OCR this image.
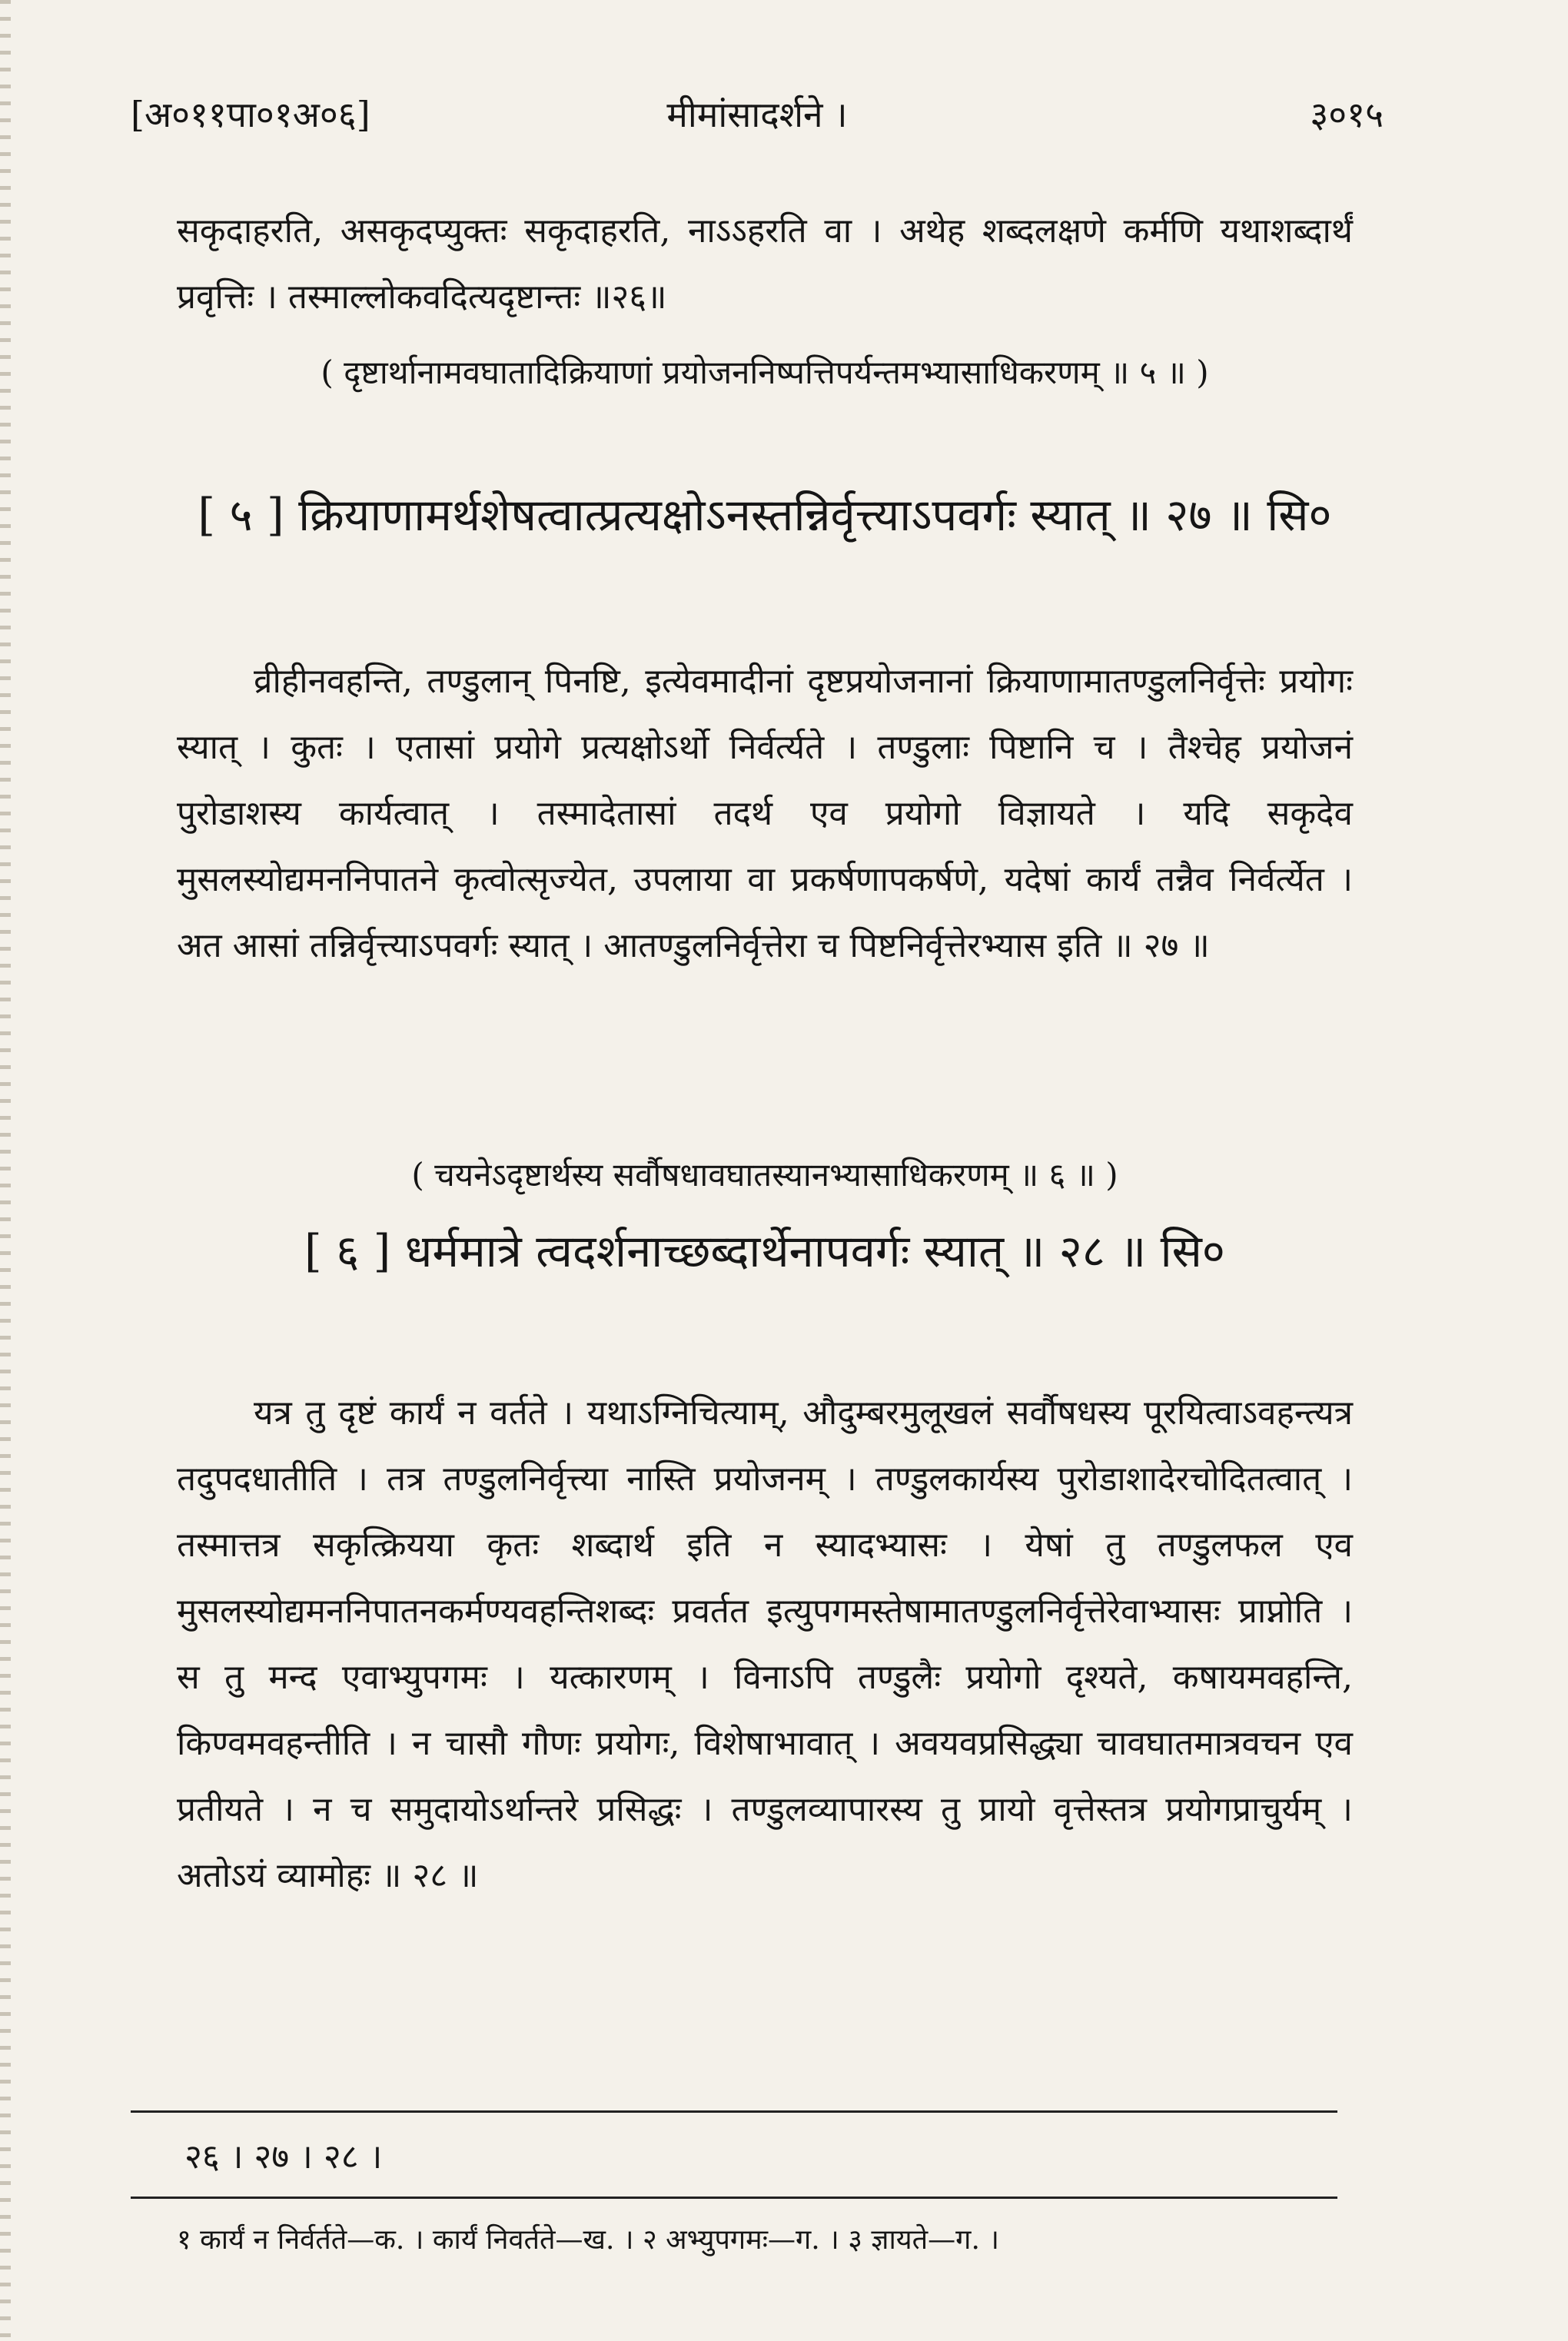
[अ०११पा०१अ०६]	मीमांसादर्शने ।	३०१५

सकृदाहरति, असकृदप्युक्तः सकृदाहरति, नाऽऽहरति वा । अथेह शब्दलक्षणे कर्मणि यथाशब्दार्थं प्रवृत्तिः । तस्माल्लोकवदित्यदृष्टान्तः ॥२६॥

( दृष्टार्थानामवघातादिक्रियाणां प्रयोजननिष्पत्तिपर्यन्तमभ्यासाधिकरणम् ॥ ५ ॥ )
[ ५ ] क्रियाणामर्थशेषत्वात्प्रत्यक्षोऽनस्तन्निर्वृत्त्याऽपवर्गः स्यात् ॥ २७ ॥ सि०

व्रीहीनवहन्ति, तण्डुलान् पिनष्टि, इत्येवमादीनां दृष्टप्रयोजनानां क्रियाणामातण्डुलनिर्वृत्तेः प्रयोगः स्यात् । कुतः । एतासां प्रयोगे प्रत्यक्षोऽर्थो निर्वर्त्यते । तण्डुलाः पिष्टानि च । तैश्चेह प्रयोजनं पुरोडाशस्य कार्यत्वात् । तस्मादेतासां तदर्थ एव प्रयोगो विज्ञायते । यदि सकृदेव मुसलस्योद्यमननिपातने कृत्वोत्सृज्येत, उपलाया वा प्रकर्षणापकर्षणे, यदेषां कार्यं तन्नैव निर्वर्त्येत । अत आसां तन्निर्वृत्त्याऽपवर्गः स्यात् । आतण्डुलनिर्वृत्तेरा च पिष्टनिर्वृत्तेरभ्यास इति ॥ २७ ॥

( चयनेऽदृष्टार्थस्य सर्वौषधावघातस्यानभ्यासाधिकरणम् ॥ ६ ॥ )
[ ६ ] धर्ममात्रे त्वदर्शनाच्छब्दार्थेनापवर्गः स्यात् ॥ २८ ॥ सि०

यत्र तु दृष्टं कार्यं न वर्तते । यथाऽग्निचित्याम्, औदुम्बरमुलूखलं सर्वौषधस्य पूरयित्वाऽवहन्त्यत्र तदुपदधातीति । तत्र तण्डुलनिर्वृत्त्या नास्ति प्रयोजनम् । तण्डुलकार्यस्य पुरोडाशादेरचोदितत्वात् । तस्मात्तत्र सकृत्क्रियया कृतः शब्दार्थ इति न स्यादभ्यासः । येषां तु तण्डुलफल एव मुसलस्योद्यमननिपातनकर्मण्यवहन्तिशब्दः प्रवर्तत इत्युपगमस्तेषामातण्डुलनिर्वृत्तेरेवाभ्यासः प्राप्नोति । स तु मन्द एवाभ्युपगमः । यत्कारणम् । विनाऽपि तण्डुलैः प्रयोगो दृश्यते, कषायमवहन्ति, किण्वमवहन्तीति । न चासौ गौणः प्रयोगः, विशेषाभावात् । अवयवप्रसिद्ध्या चावघातमात्रवचन एव प्रतीयते । न च समुदायोऽर्थान्तरे प्रसिद्धः । तण्डुलव्यापारस्य तु प्रायो वृत्तेस्तत्र प्रयोगप्राचुर्यम् । अतोऽयं व्यामोहः ॥ २८ ॥

२६ । २७ । २८ ।
१ कार्यं न निर्वर्तते—क. । कार्यं निवर्तते—ख. । २ अभ्युपगमः—ग. । ३ ज्ञायते—ग. ।
